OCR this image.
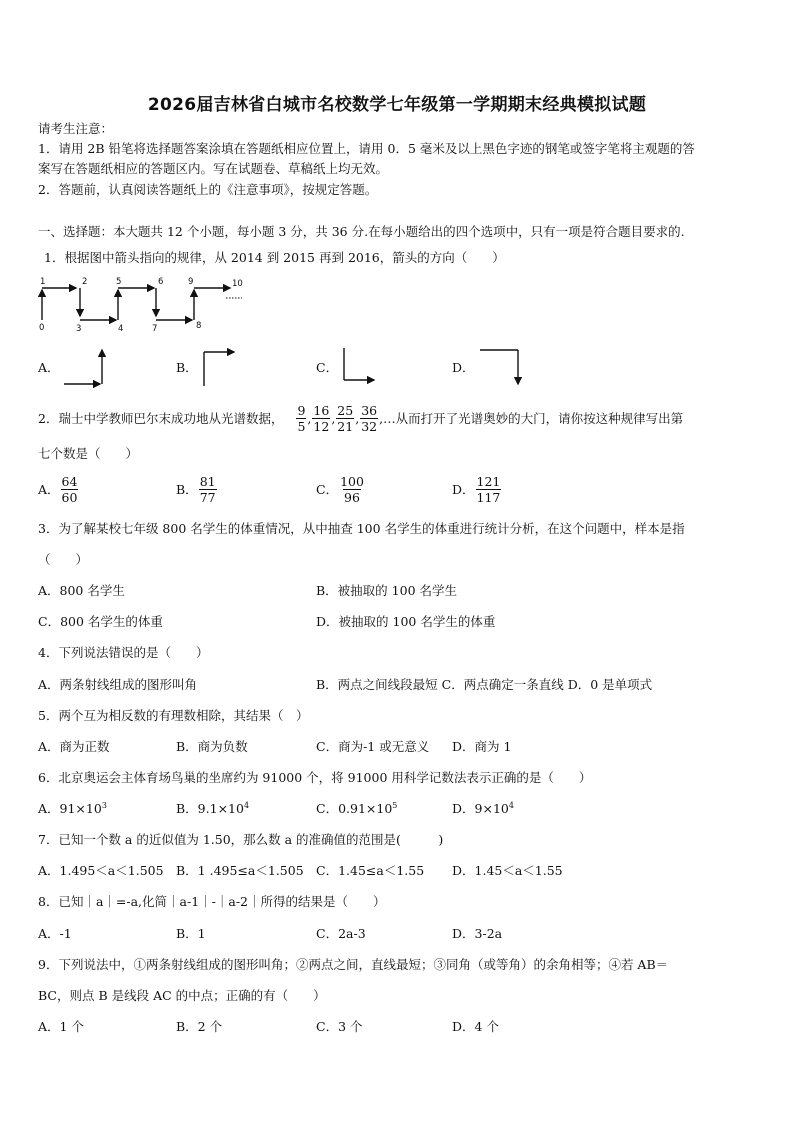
2026届吉林省白城市名校数学七年级第一学期期末经典模拟试题
请考生注意：
1．请用 2B 铅笔将选择题答案涂填在答题纸相应位置上，请用 0．5 毫米及以上黑色字迹的钢笔或签字笔将主观题的答
案写在答题纸相应的答题区内。写在试题卷、草稿纸上均无效。
2．答题前，认真阅读答题纸上的《注意事项》，按规定答题。
一、选择题：本大题共 12 个小题，每小题 3 分，共 36 分.在每小题给出的四个选项中，只有一项是符合题目要求的.
1．根据图中箭头指向的规律，从 2014 到 2015 再到 2016，箭头的方向（　　）
1	2
3	4
5	6
7	8
9	10
0
A．	B．	C．	D．
2．瑞士中学教师巴尔末成功地从光谱数据， $\frac{9}{5}$ , $\frac{16}{12}$ , $\frac{25}{21}$ , $\frac{36}{32}$ ,…从而打开了光谱奥妙的大门，请你按这种规律写出第
七个数是（　　）
A． $\frac{64}{60}$	B． $\frac{81}{77}$	C． $\frac{100}{96}$	D． $\frac{121}{117}$
3．为了解某校七年级 800 名学生的体重情况，从中抽查 100 名学生的体重进行统计分析，在这个问题中，样本是指
（　　）
A．800 名学生	B．被抽取的 100 名学生
C．800 名学生的体重	D．被抽取的 100 名学生的体重
4．下列说法错误的是（　　）
A．两条射线组成的图形叫角	B．两点之间线段最短 C．两点确定一条直线 D．0 是单项式
5．两个互为相反数的有理数相除，其结果（　）
A．商为正数	B．商为负数	C．商为-1 或无意义 D．商为 1
6．北京奥运会主体育场鸟巢的坐席约为 91000 个，将 91000 用科学记数法表示正确的是（　　）
A．$91\times 10^3$	B．$9.1\times 10^4$	C．$0.91\times 10^5$	D．$9\times 10^4$
7．已知一个数 a 的近似值为 1.50，那么数 a 的准确值的范围是(　　　)
A．1.495＜a＜1.505 B．1 .495≤a＜1.505 C．1.45≤a＜1.55 D．1.45＜a＜1.55
8．已知｜a｜=-a,化简｜a-1｜-｜a-2｜所得的结果是（　　）
A．-1	B．1	C．2a-3	D．3-2a
9．下列说法中，①两条射线组成的图形叫角；②两点之间，直线最短；③同角（或等角）的余角相等；④若 AB＝
BC，则点 B 是线段 AC 的中点；正确的有（　　）
A．1 个	B．2 个	C．3 个	D．4 个
